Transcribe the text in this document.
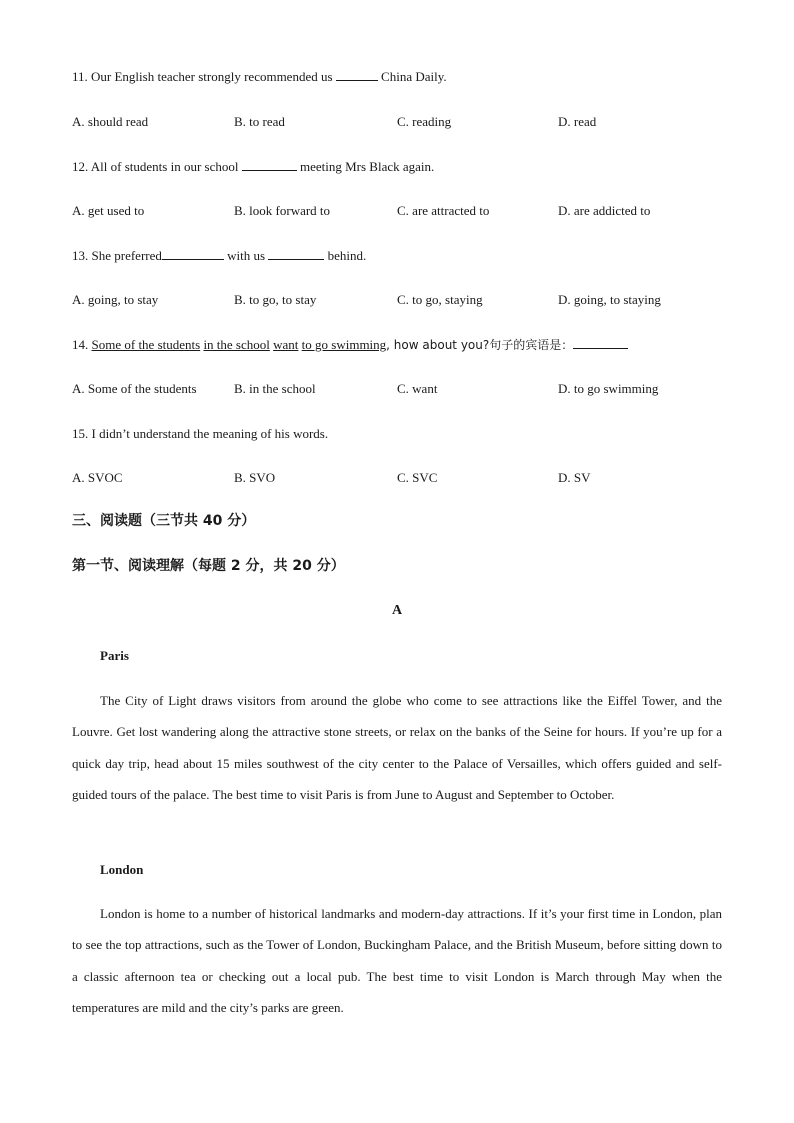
11. Our English teacher strongly recommended us	China Daily.
A. should read	B. to read	C. reading	D. read
12. All of students in our school	meeting Mrs Black again.
A. get used to	B. look forward to	C. are attracted to	D. are addicted to
13. She preferred	with us	behind.
A. going, to stay	B. to go, to stay	C. to go, staying	D. going, to staying
14. Some of the students in the school want to go swimming, how about you?句子的宾语是：
A. Some of the students	B. in the school	C. want	D. to go swimming
15. I didn’t understand the meaning of his words.
A. SVOC	B. SVO	C. SVC	D. SV
三、阅读题（三节共 40 分）
第一节、阅读理解（每题 2 分，共 20 分）
A
Paris
The City of Light draws visitors from around the globe who come to see attractions like the Eiffel Tower, and the Louvre. Get lost wandering along the attractive stone streets, or relax on the banks of the Seine for hours. If you’re up for a quick day trip, head about 15 miles southwest of the city center to the Palace of Versailles, which offers guided and self-guided tours of the palace. The best time to visit Paris is from June to August and September to October.
London
London is home to a number of historical landmarks and modern-day attractions. If it’s your first time in London, plan to see the top attractions, such as the Tower of London, Buckingham Palace, and the British Museum, before sitting down to a classic afternoon tea or checking out a local pub. The best time to visit London is March through May when the temperatures are mild and the city’s parks are green.
